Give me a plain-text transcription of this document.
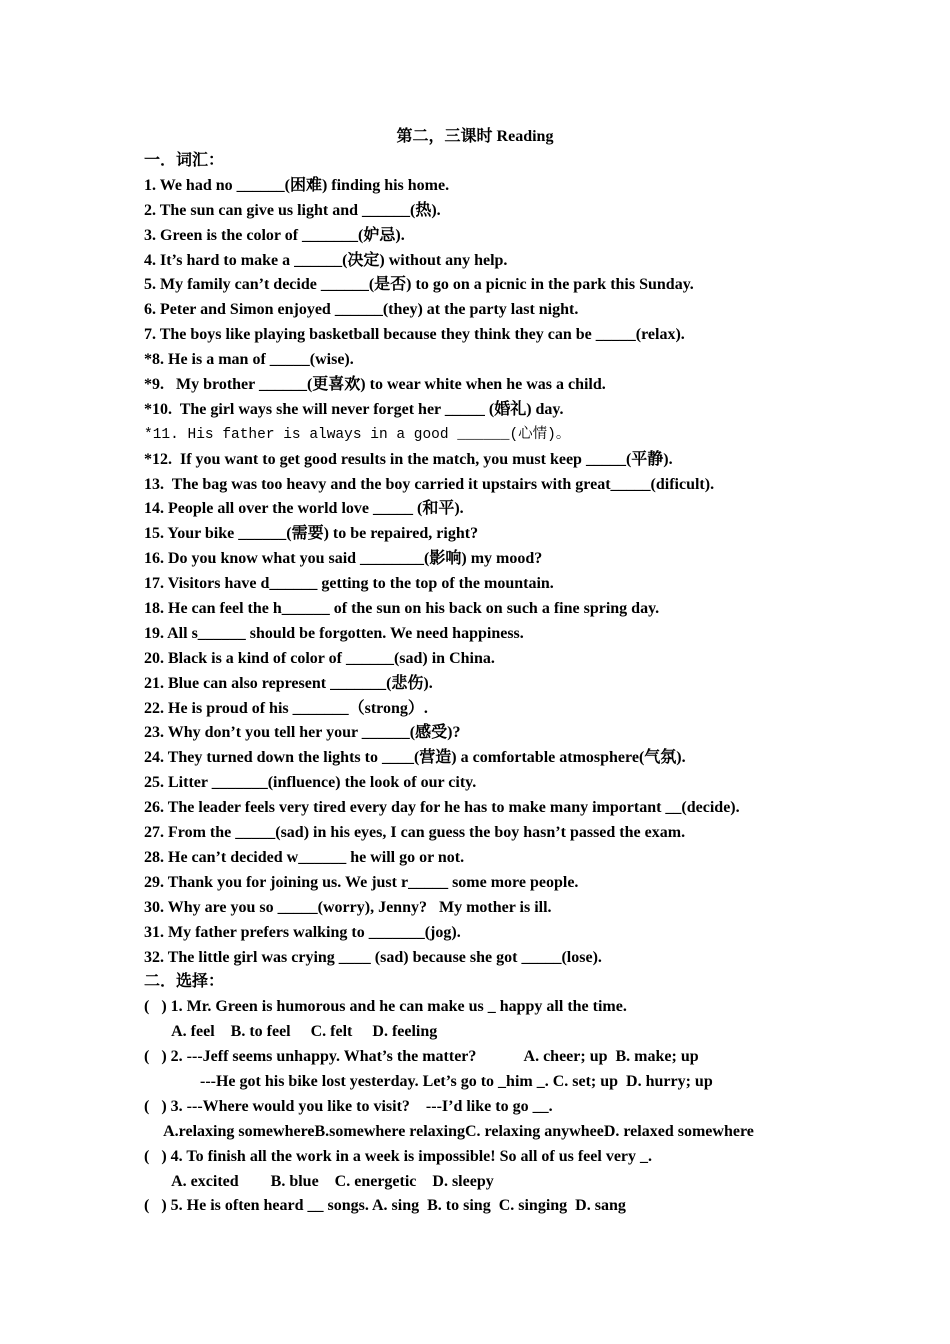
第二，三课时 Reading
一．词汇：
1. We had no ______(困难) finding his home.
2. The sun can give us light and ______(热).
3. Green is the color of _______(妒忌).
4. It’s hard to make a ______(决定) without any help.
5. My family can’t decide ______(是否) to go on a picnic in the park this Sunday.
6. Peter and Simon enjoyed ______(they) at the party last night.
7. The boys like playing basketball because they think they can be _____(relax).
*8. He is a man of _____(wise).
*9.   My brother ______(更喜欢) to wear white when he was a child.
*10.  The girl ways she will never forget her _____ (婚礼) day.
*11. His father is always in a good ______(心情)。
*12.  If you want to get good results in the match, you must keep _____(平静).
13.  The bag was too heavy and the boy carried it upstairs with great_____(dificult).
14. People all over the world love _____ (和平).
15. Your bike ______(需要) to be repaired, right?
16. Do you know what you said ________(影响) my mood?
17. Visitors have d______ getting to the top of the mountain.
18. He can feel the h______ of the sun on his back on such a fine spring day.
19. All s______ should be forgotten. We need happiness.
20. Black is a kind of color of ______(sad) in China.
21. Blue can also represent _______(悲伤).
22. He is proud of his _______（strong）.
23. Why don’t you tell her your ______(感受)?
24. They turned down the lights to ____(营造) a comfortable atmosphere(气氛).
25. Litter _______(influence) the look of our city.
26. The leader feels very tired every day for he has to make many important __(decide).
27. From the _____(sad) in his eyes, I can guess the boy hasn’t passed the exam.
28. He can’t decided w______ he will go or not.
29. Thank you for joining us. We just r_____ some more people.
30. Why are you so _____(worry), Jenny?   My mother is ill.
31. My father prefers walking to _______(jog).
32. The little girl was crying ____ (sad) because she got _____(lose).
二．选择：
(   ) 1. Mr. Green is humorous and he can make us _ happy all the time.
A. feel    B. to feel     C. felt     D. feeling
(   ) 2. ---Jeff seems unhappy. What’s the matter?            A. cheer; up  B. make; up
---He got his bike lost yesterday. Let’s go to _him _. C. set; up  D. hurry; up
(   ) 3. ---Where would you like to visit?    ---I’d like to go __.
A.relaxing somewhereB.somewhere relaxingC. relaxing anywheeD. relaxed somewhere
(   ) 4. To finish all the work in a week is impossible! So all of us feel very _.
A. excited        B. blue    C. energetic    D. sleepy
(   ) 5. He is often heard __ songs. A. sing  B. to sing  C. singing  D. sang
